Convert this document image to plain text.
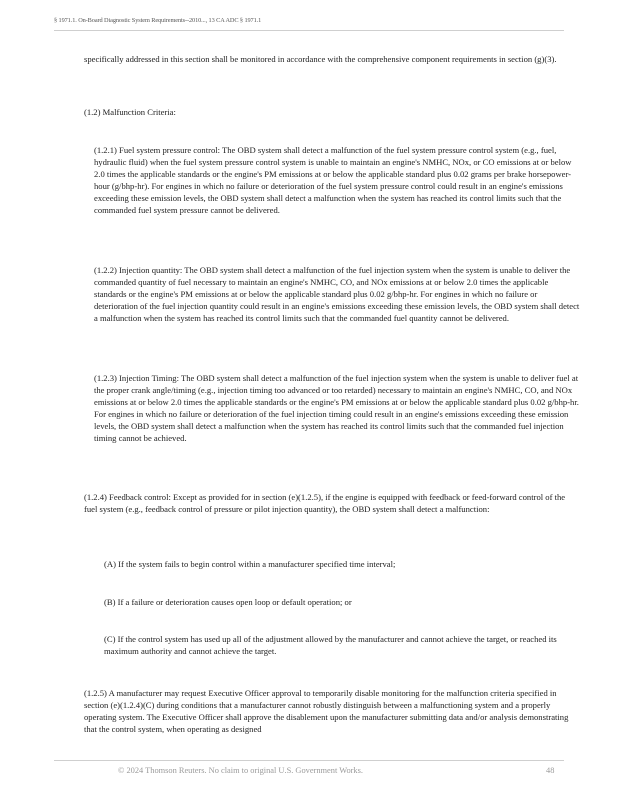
§ 1971.1. On-Board Diagnostic System Requirements--2010..., 13 CA ADC § 1971.1

specifically addressed in this section shall be monitored in accordance with the comprehensive component requirements in section (g)(3).

(1.2) Malfunction Criteria:

(1.2.1) Fuel system pressure control: The OBD system shall detect a malfunction of the fuel system pressure control system (e.g., fuel, hydraulic fluid) when the fuel system pressure control system is unable to maintain an engine's NMHC, NOx, or CO emissions at or below 2.0 times the applicable standards or the engine's PM emissions at or below the applicable standard plus 0.02 grams per brake horsepower-hour (g/bhp-hr). For engines in which no failure or deterioration of the fuel system pressure control could result in an engine's emissions exceeding these emission levels, the OBD system shall detect a malfunction when the system has reached its control limits such that the commanded fuel system pressure cannot be delivered.

(1.2.2) Injection quantity: The OBD system shall detect a malfunction of the fuel injection system when the system is unable to deliver the commanded quantity of fuel necessary to maintain an engine's NMHC, CO, and NOx emissions at or below 2.0 times the applicable standards or the engine's PM emissions at or below the applicable standard plus 0.02 g/bhp-hr. For engines in which no failure or deterioration of the fuel injection quantity could result in an engine's emissions exceeding these emission levels, the OBD system shall detect a malfunction when the system has reached its control limits such that the commanded fuel quantity cannot be delivered.

(1.2.3) Injection Timing: The OBD system shall detect a malfunction of the fuel injection system when the system is unable to deliver fuel at the proper crank angle/timing (e.g., injection timing too advanced or too retarded) necessary to maintain an engine's NMHC, CO, and NOx emissions at or below 2.0 times the applicable standards or the engine's PM emissions at or below the applicable standard plus 0.02 g/bhp-hr. For engines in which no failure or deterioration of the fuel injection timing could result in an engine's emissions exceeding these emission levels, the OBD system shall detect a malfunction when the system has reached its control limits such that the commanded fuel injection timing cannot be achieved.

(1.2.4) Feedback control: Except as provided for in section (e)(1.2.5), if the engine is equipped with feedback or feed-forward control of the fuel system (e.g., feedback control of pressure or pilot injection quantity), the OBD system shall detect a malfunction:

(A) If the system fails to begin control within a manufacturer specified time interval;

(B) If a failure or deterioration causes open loop or default operation; or

(C) If the control system has used up all of the adjustment allowed by the manufacturer and cannot achieve the target, or reached its maximum authority and cannot achieve the target.

(1.2.5) A manufacturer may request Executive Officer approval to temporarily disable monitoring for the malfunction criteria specified in section (e)(1.2.4)(C) during conditions that a manufacturer cannot robustly distinguish between a malfunctioning system and a properly operating system. The Executive Officer shall approve the disablement upon the manufacturer submitting data and/or analysis demonstrating that the control system, when operating as designed

© 2024 Thomson Reuters. No claim to original U.S. Government Works.	48
